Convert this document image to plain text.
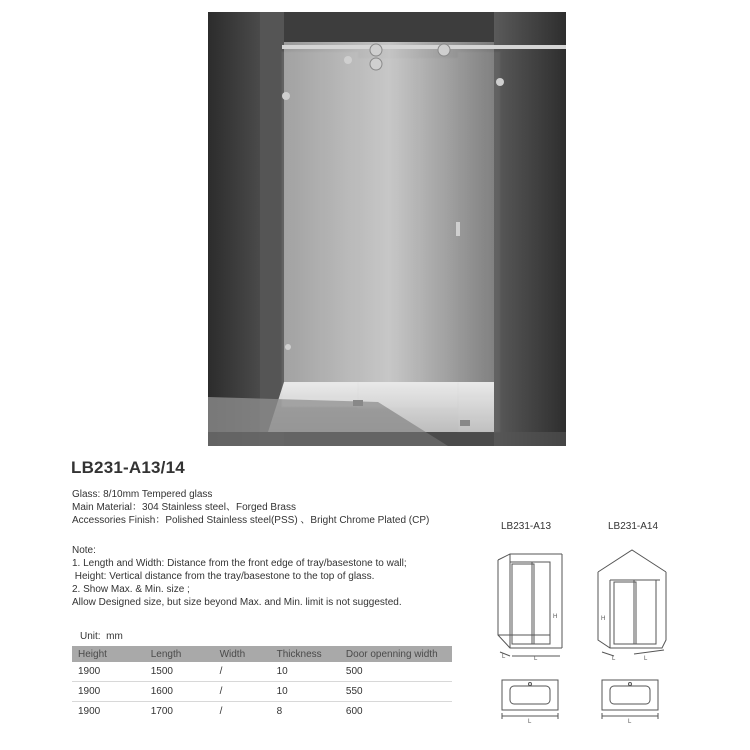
LB231-A13/14
Glass: 8/10mm Tempered glass
Main Material：304 Stainless steel、Forged Brass
Accessories Finish：Polished Stainless steel(PSS) 、Bright Chrome Plated (CP)
Note:
1. Length and Width: Distance from the front edge of tray/basestone to wall;
Height: Vertical distance from the tray/basestone to the top of glass.
2. Show Max. & Min. size ;
Allow Designed size, but size beyond Max. and Min. limit is not suggested.
Unit:  mm
Height	Length	Width	Thickness	Door openning width
1900	1500	/	10	500
1900	1600	/	10	550
1900	1700	/	8	600
LB231-A13	LB231-A14
H
L	L
H
L	L
L	L
